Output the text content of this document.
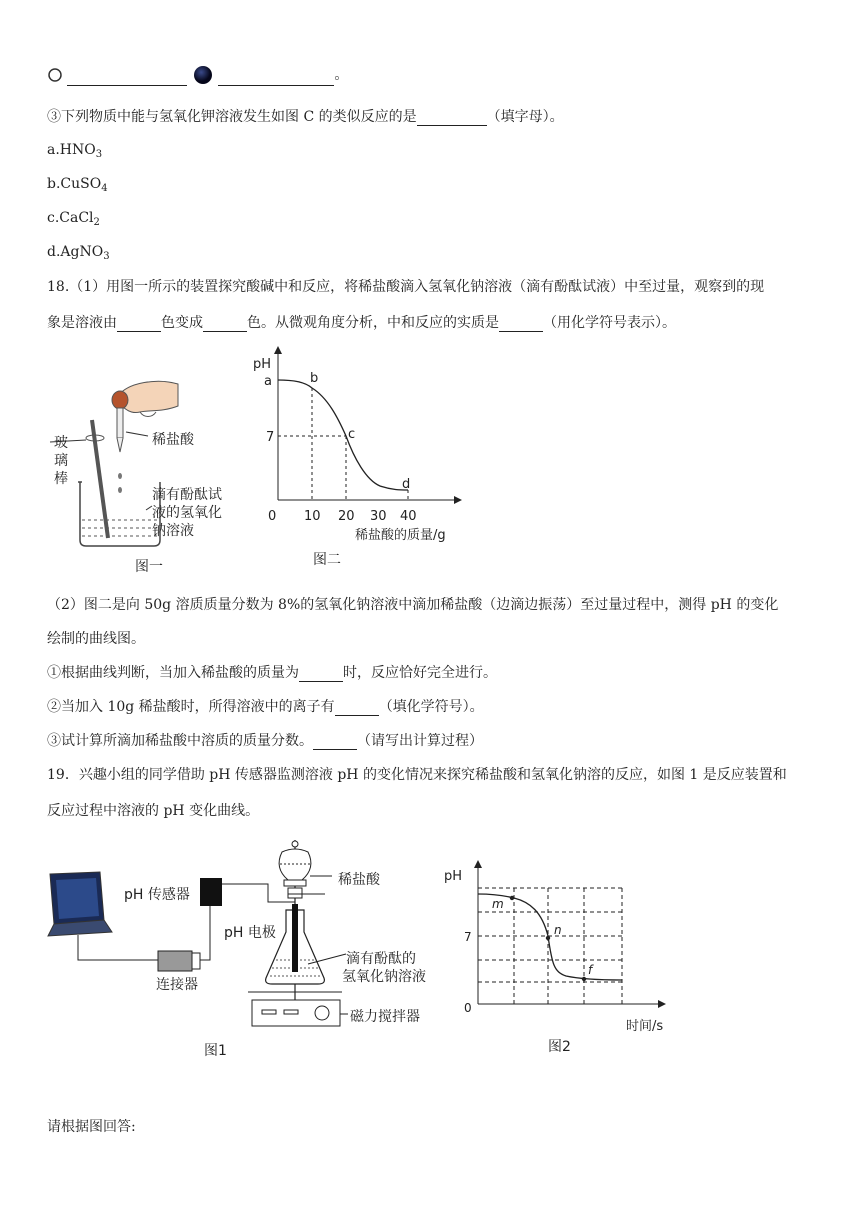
。
③下列物质中能与氢氧化钾溶液发生如图 C 的类似反应的是	（填字母）。
$a.HNO_3$
b.CuSO$_4$
c.CaCl$_2$
d.AgNO$_3$
18.（1）用图一所示的装置探究酸碱中和反应，将稀盐酸滴入氢氧化钠溶液（滴有酚酞试液）中至过量，观察到的现
象是溶液由	色变成	色。从微观角度分析，中和反应的实质是	（用化学符号表示）。
稀盐酸
玻
璃
棒
滴有酚酞试
液的氢氧化
钠溶液
图一
pH
稀盐酸的质量/g
0
7
10 20 30 40
a	b
c
d
图二
（2）图二是向 50g 溶质质量分数为 8%的氢氧化钠溶液中滴加稀盐酸（边滴边振荡）至过量过程中，测得 pH 的变化
绘制的曲线图。
①根据曲线判断，当加入稀盐酸的质量为	时，反应恰好完全进行。
②当加入 10g 稀盐酸时，所得溶液中的离子有	（填化学符号）。
③试计算所滴加稀盐酸中溶质的质量分数。	（请写出计算过程）
19．兴趣小组的同学借助 pH 传感器监测溶液 pH 的变化情况来探究稀盐酸和氢氧化钠溶的反应，如图 1 是反应装置和
反应过程中溶液的 pH 变化曲线。
pH 传感器
pH 电极
连接器
稀盐酸
滴有酚酞的
氢氧化钠溶液
磁力搅拌器
图1
pH
7
0
时间/s
m
n
f
图2
请根据图回答:
